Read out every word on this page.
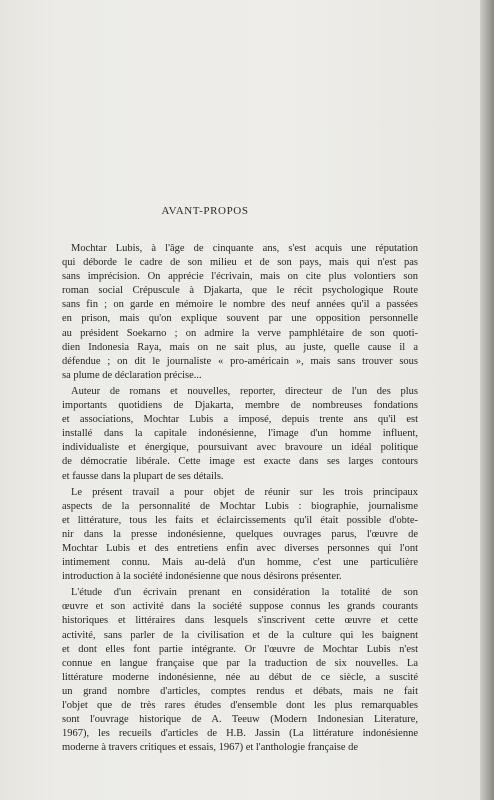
AVANT-PROPOS
Mochtar Lubis, à l'âge de cinquante ans, s'est acquis une réputation
qui déborde le cadre de son milieu et de son pays, mais qui n'est pas
sans imprécision. On apprécie l'écrivain, mais on cite plus volontiers son
roman social Crépuscule à Djakarta, que le récit psychologique Route
sans fin ; on garde en mémoire le nombre des neuf années qu'il a passées
en prison, mais qu'on explique souvent par une opposition personnelle
au président Soekarno ; on admire la verve pamphlétaire de son quoti-
dien Indonesia Raya, mais on ne sait plus, au juste, quelle cause il a
défendue ; on dit le journaliste « pro-américain », mais sans trouver sous
sa plume de déclaration précise...
Auteur de romans et nouvelles, reporter, directeur de l'un des plus
importants quotidiens de Djakarta, membre de nombreuses fondations
et associations, Mochtar Lubis a imposé, depuis trente ans qu'il est
installé dans la capitale indonésienne, l'image d'un homme influent,
individualiste et énergique, poursuivant avec bravoure un idéal politique
de démocratie libérale. Cette image est exacte dans ses larges contours
et fausse dans la plupart de ses détails.
Le présent travail a pour objet de réunir sur les trois principaux
aspects de la personnalité de Mochtar Lubis : biographie, journalisme
et littérature, tous les faits et éclaircissements qu'il était possible d'obte-
nir dans la presse indonésienne, quelques ouvrages parus, l'œuvre de
Mochtar Lubis et des entretiens enfin avec diverses personnes qui l'ont
intimement connu. Mais au-delà d'un homme, c'est une particulière
introduction à la société indonésienne que nous désirons présenter.
L'étude d'un écrivain prenant en considération la totalité de son
œuvre et son activité dans la société suppose connus les grands courants
historiques et littéraires dans lesquels s'inscrivent cette œuvre et cette
activité, sans parler de la civilisation et de la culture qui les baignent
et dont elles font partie intégrante. Or l'œuvre de Mochtar Lubis n'est
connue en langue française que par la traduction de six nouvelles. La
littérature moderne indonésienne, née au début de ce siècle, a suscité
un grand nombre d'articles, comptes rendus et débats, mais ne fait
l'objet que de très rares études d'ensemble dont les plus remarquables
sont l'ouvrage historique de A. Teeuw (Modern Indonesian Literature,
1967), les recueils d'articles de H.B. Jassin (La littérature indonésienne
moderne à travers critiques et essais, 1967) et l'anthologie française de
